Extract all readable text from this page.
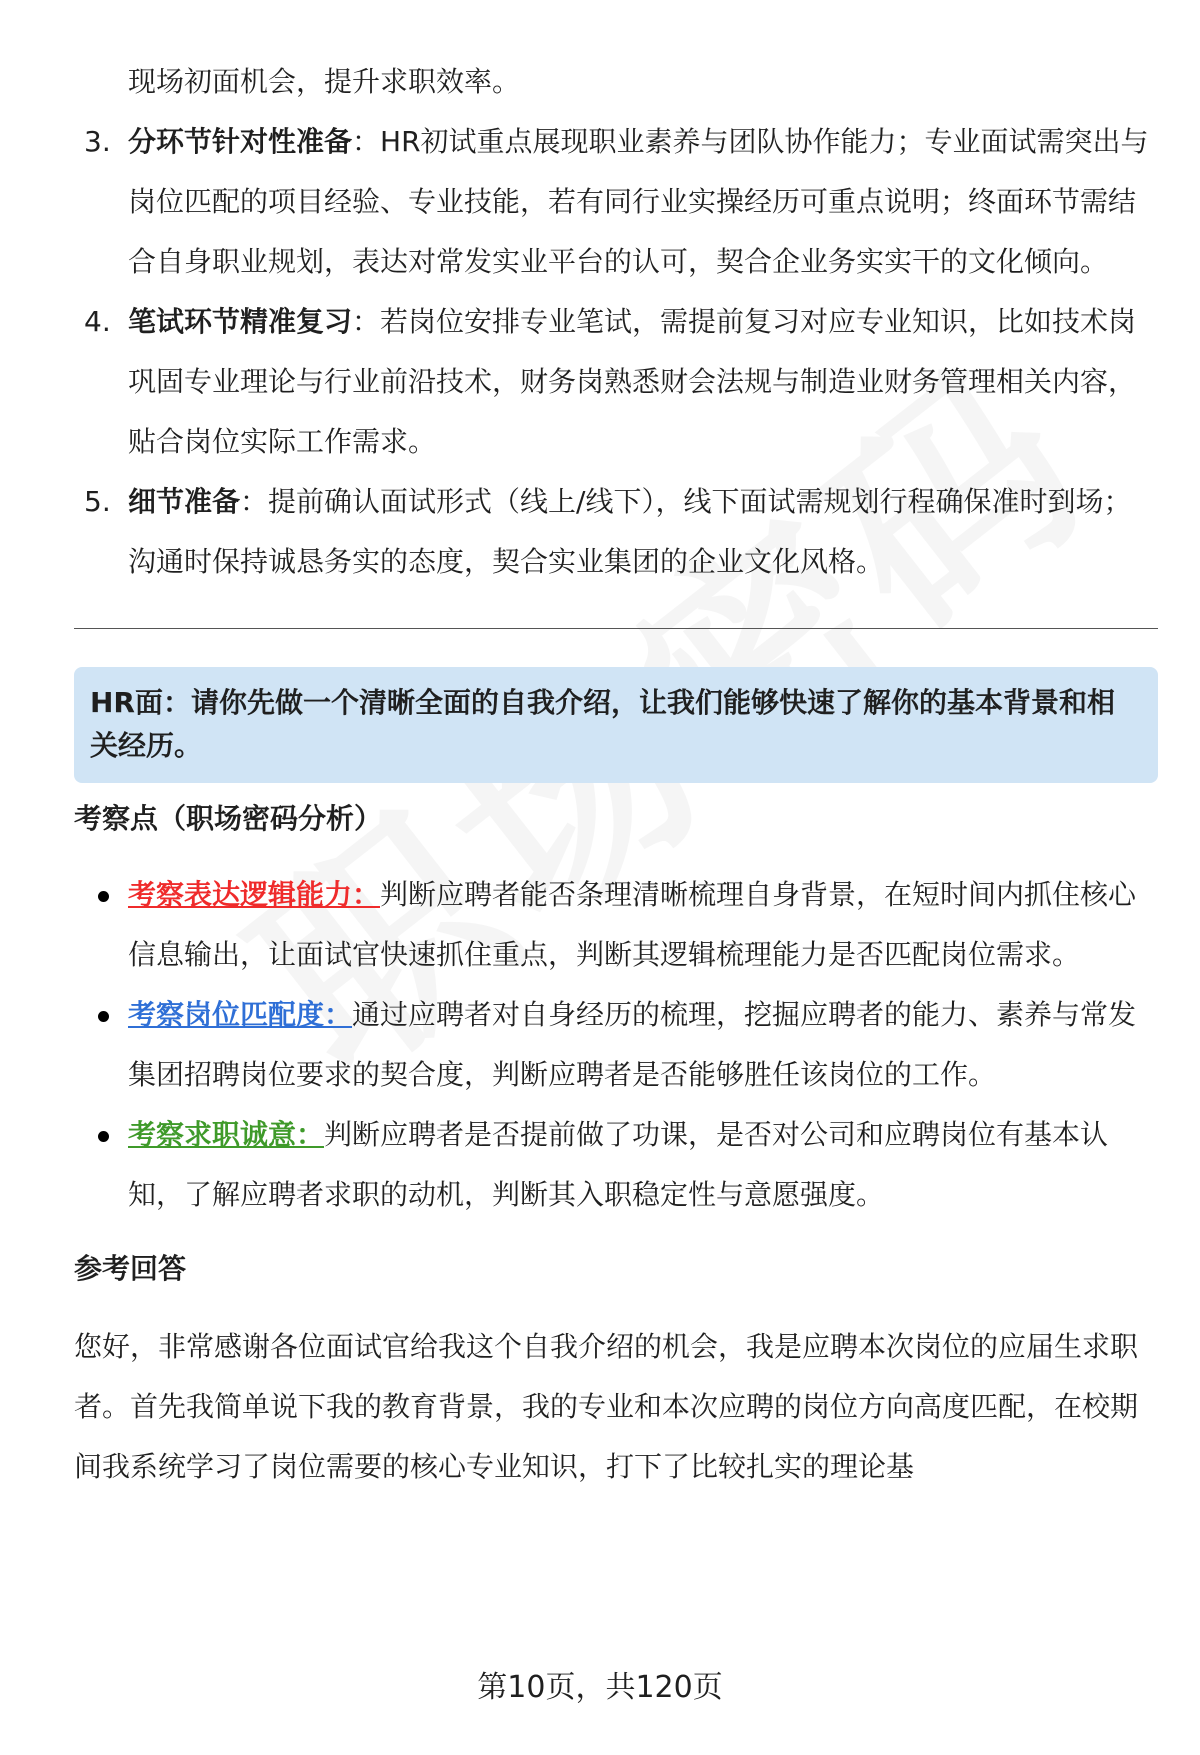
现场初面机会，提升求职效率。
3. 分环节针对性准备：HR初试重点展现职业素养与团队协作能力；专业面试需突出与岗位匹配的项目经验、专业技能，若有同行业实操经历可重点说明；终面环节需结合自身职业规划，表达对常发实业平台的认可，契合企业务实实干的文化倾向。
4. 笔试环节精准复习：若岗位安排专业笔试，需提前复习对应专业知识，比如技术岗巩固专业理论与行业前沿技术，财务岗熟悉财会法规与制造业财务管理相关内容，贴合岗位实际工作需求。
5. 细节准备：提前确认面试形式（线上/线下），线下面试需规划行程确保准时到场；沟通时保持诚恳务实的态度，契合实业集团的企业文化风格。
HR面：请你先做一个清晰全面的自我介绍，让我们能够快速了解你的基本背景和相关经历。
考察点（职场密码分析）
考察表达逻辑能力：判断应聘者能否条理清晰梳理自身背景，在短时间内抓住核心信息输出，让面试官快速抓住重点，判断其逻辑梳理能力是否匹配岗位需求。
考察岗位匹配度：通过应聘者对自身经历的梳理，挖掘应聘者的能力、素养与常发集团招聘岗位要求的契合度，判断应聘者是否能够胜任该岗位的工作。
考察求职诚意：判断应聘者是否提前做了功课，是否对公司和应聘岗位有基本认知，了解应聘者求职的动机，判断其入职稳定性与意愿强度。
参考回答
您好，非常感谢各位面试官给我这个自我介绍的机会，我是应聘本次岗位的应届生求职者。首先我简单说下我的教育背景，我的专业和本次应聘的岗位方向高度匹配，在校期间我系统学习了岗位需要的核心专业知识，打下了比较扎实的理论基
第10页，共120页
